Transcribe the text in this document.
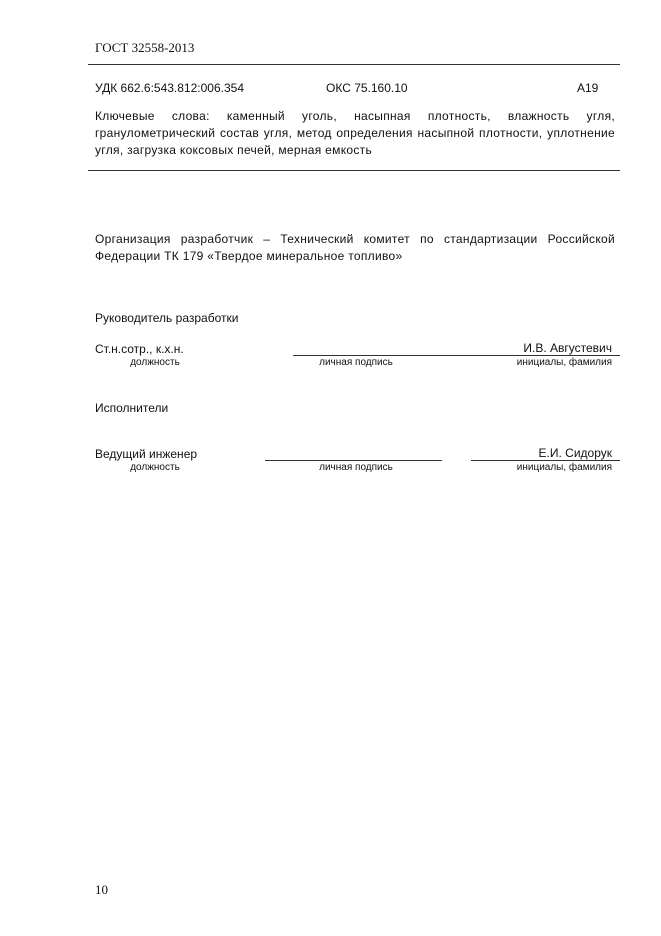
ГОСТ 32558-2013
УДК 662.6:543.812:006.354	ОКС 75.160.10	А19
Ключевые слова: каменный уголь, насыпная плотность, влажность угля, гранулометрический состав угля, метод определения насыпной плотности, уплотнение угля, загрузка коксовых печей, мерная емкость
Организация разработчик – Технический комитет по стандартизации Российской Федерации ТК 179 «Твердое минеральное топливо»
Руководитель разработки
Ст.н.сотр., к.х.н.	И.В. Августевич
должность	личная подпись	инициалы, фамилия
Исполнители
Ведущий инженер	Е.И. Сидорук
должность	личная подпись	инициалы, фамилия
10
